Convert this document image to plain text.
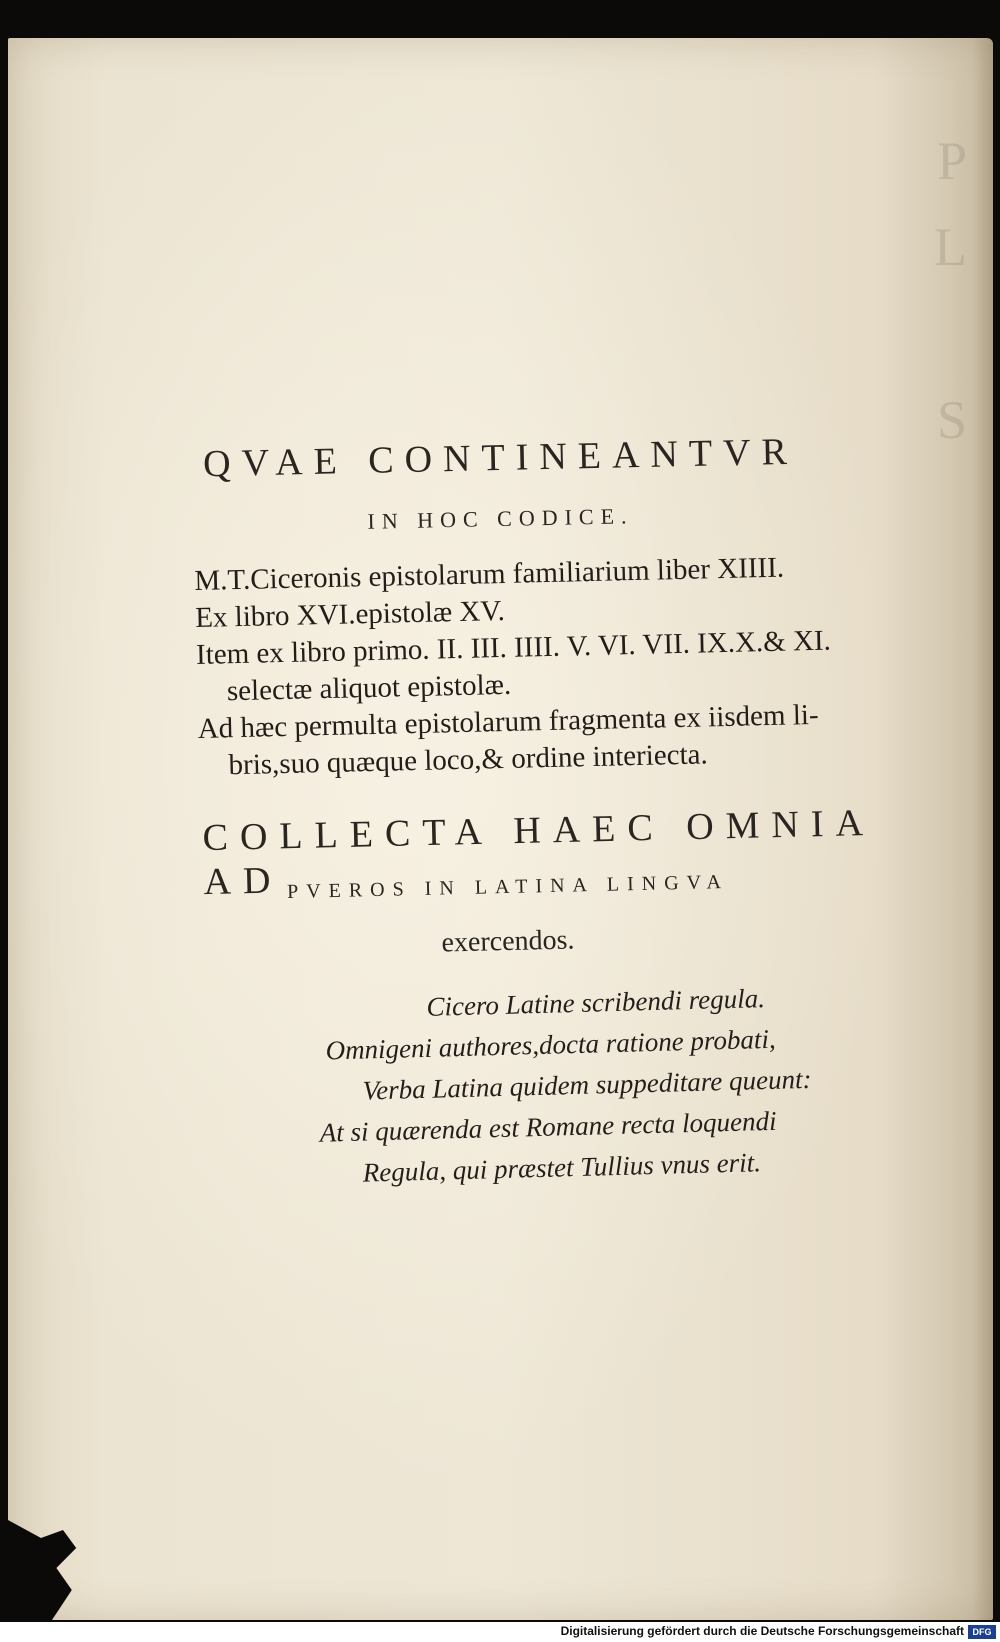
P
L

S
QVAE CONTINEANTVR
IN HOC CODICE.
M.T.Ciceronis epistolarum familiarium liber XIIII.
Ex libro XVI.epistolæ XV.
Item ex libro primo. II. III. IIII. V. VI. VII. IX.X.& XI.
selectæ aliquot epistolæ.
Ad hæc permulta epistolarum fragmenta ex iisdem li-
bris,suo quæque loco,& ordine interiecta.
COLLECTA HAEC OMNIA AD PVEROS IN LATINA LINGVA
exercendos.
Cicero Latine scribendi regula.
Omnigeni authores,docta ratione probati,
Verba Latina quidem suppeditare queunt:
At si quærenda est Romane recta loquendi
Regula, qui præstet Tullius vnus erit.
Digitalisierung gefördert durch die Deutsche Forschungsgemeinschaft DFG
